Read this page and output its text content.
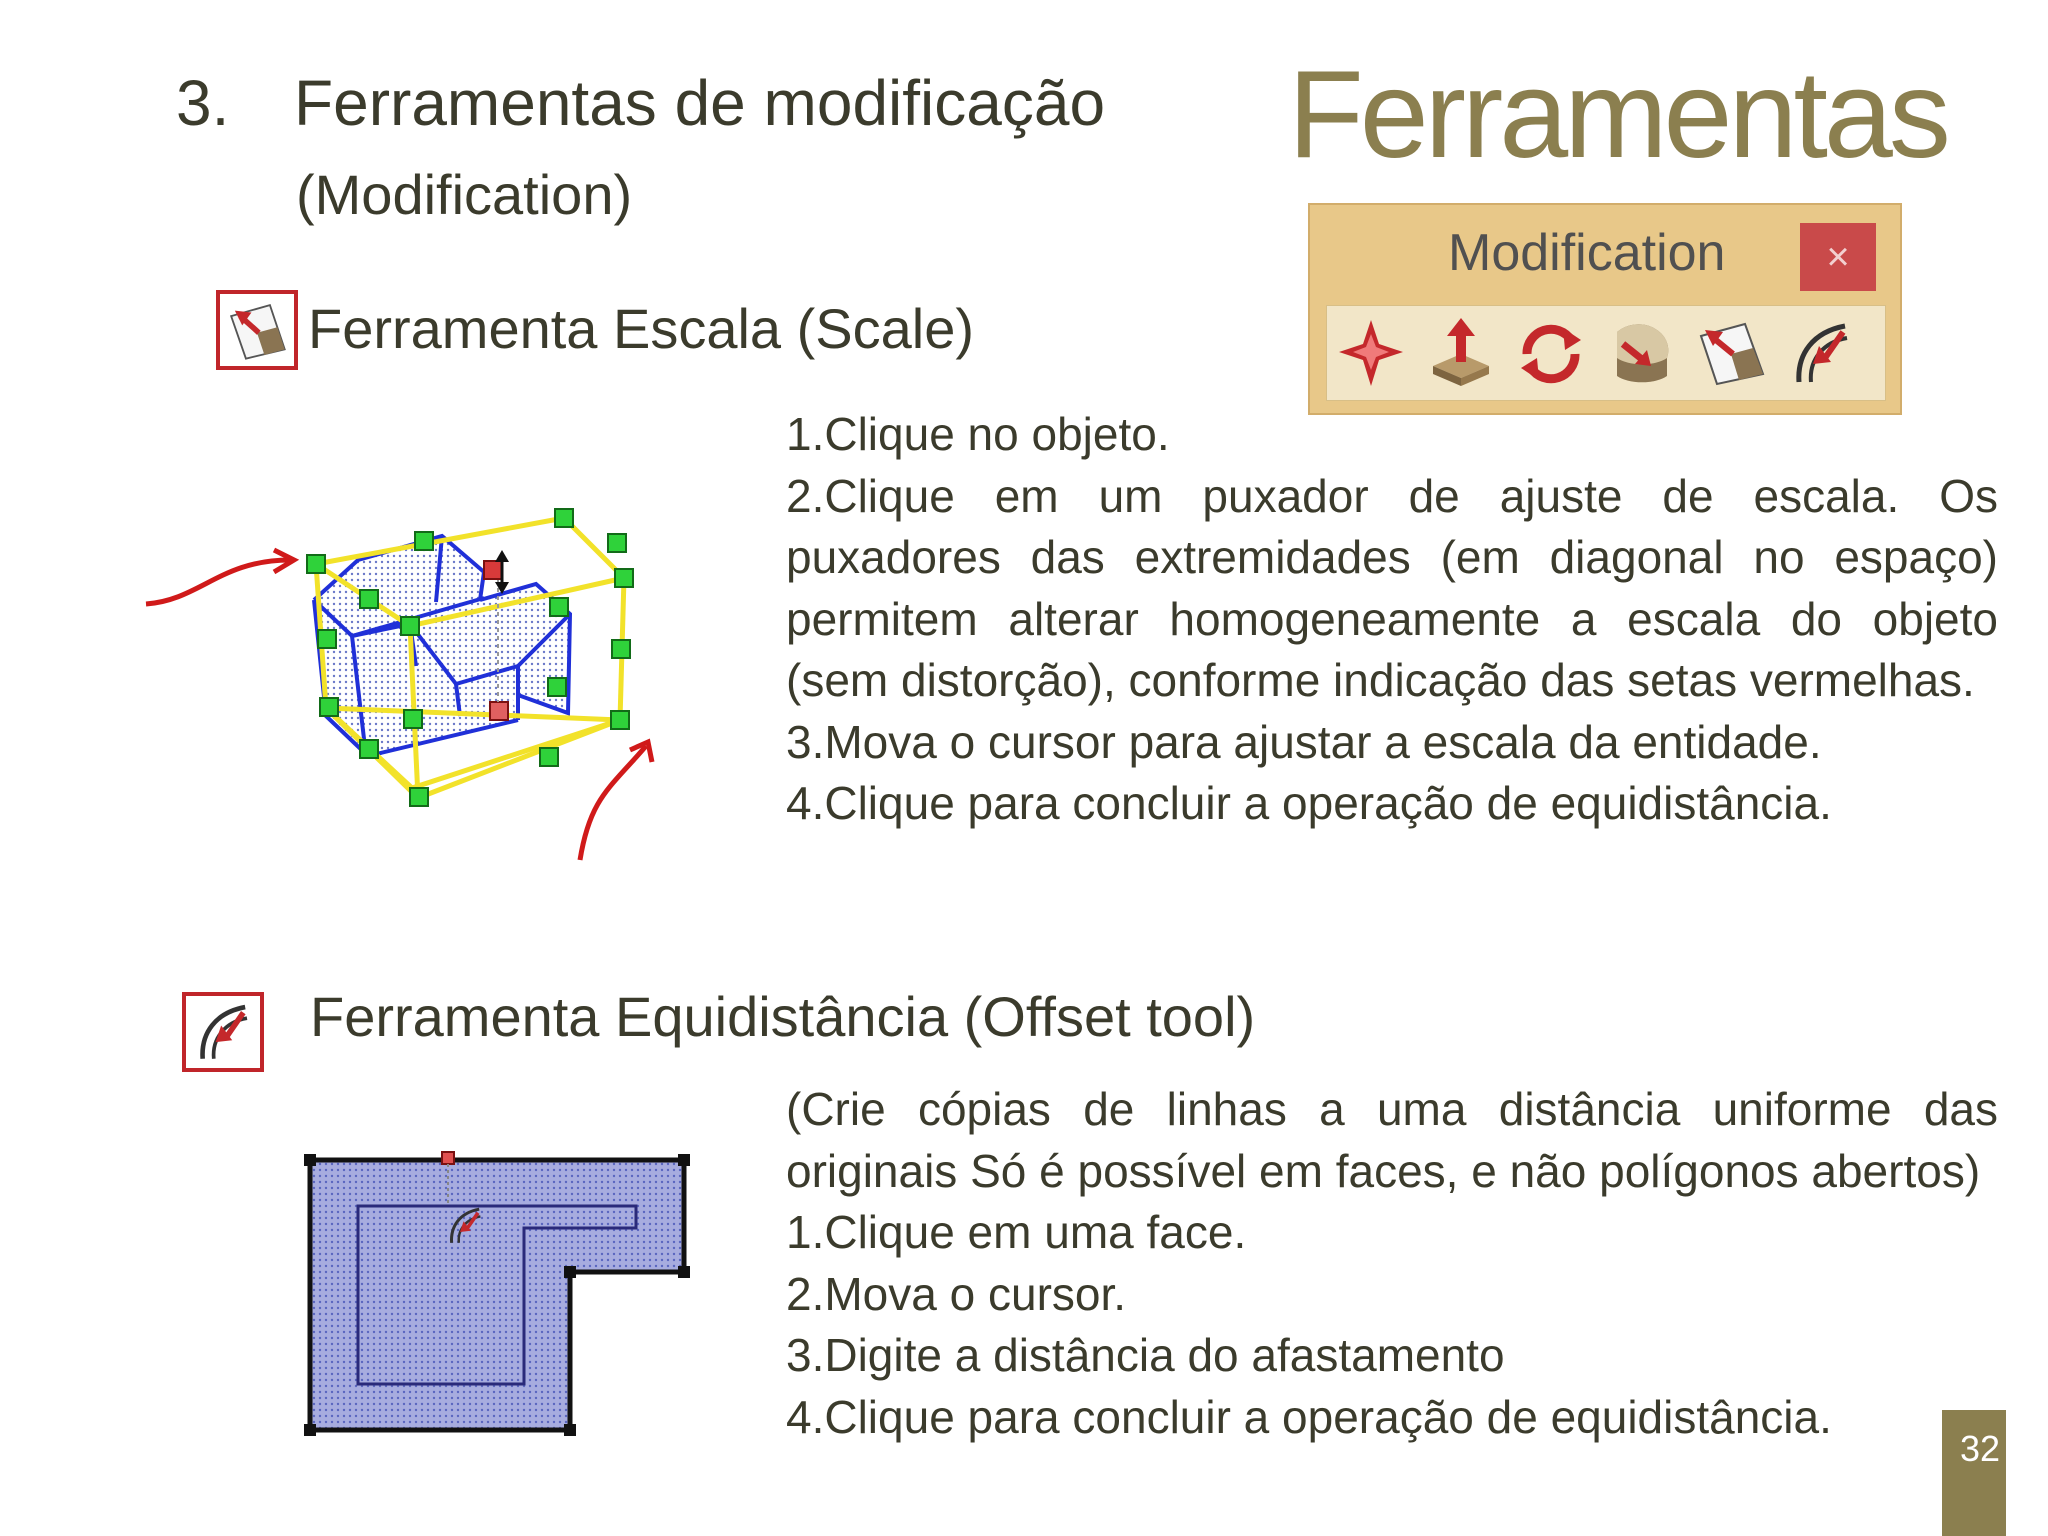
3. Ferramentas de modificação
(Modification)
Ferramentas
Modification	×
Ferramenta Escala (Scale)

1.Clique no objeto.

2.Clique em um puxador de ajuste de escala. Os puxadores das extremidades (em diagonal no espaço) permitem alterar homogeneamente a escala do objeto (sem distorção), conforme indicação das setas vermelhas.

3.Mova o cursor para ajustar a escala da entidade.

4.Clique para concluir a operação de equidistância.

Ferramenta Equidistância (Offset tool)

(Crie cópias de linhas a uma distância uniforme das originais Só é possível em faces, e não polígonos abertos)

1.Clique em uma face.

2.Mova o cursor.

3.Digite a distância do afastamento

4.Clique para concluir a operação de equidistância.

32
